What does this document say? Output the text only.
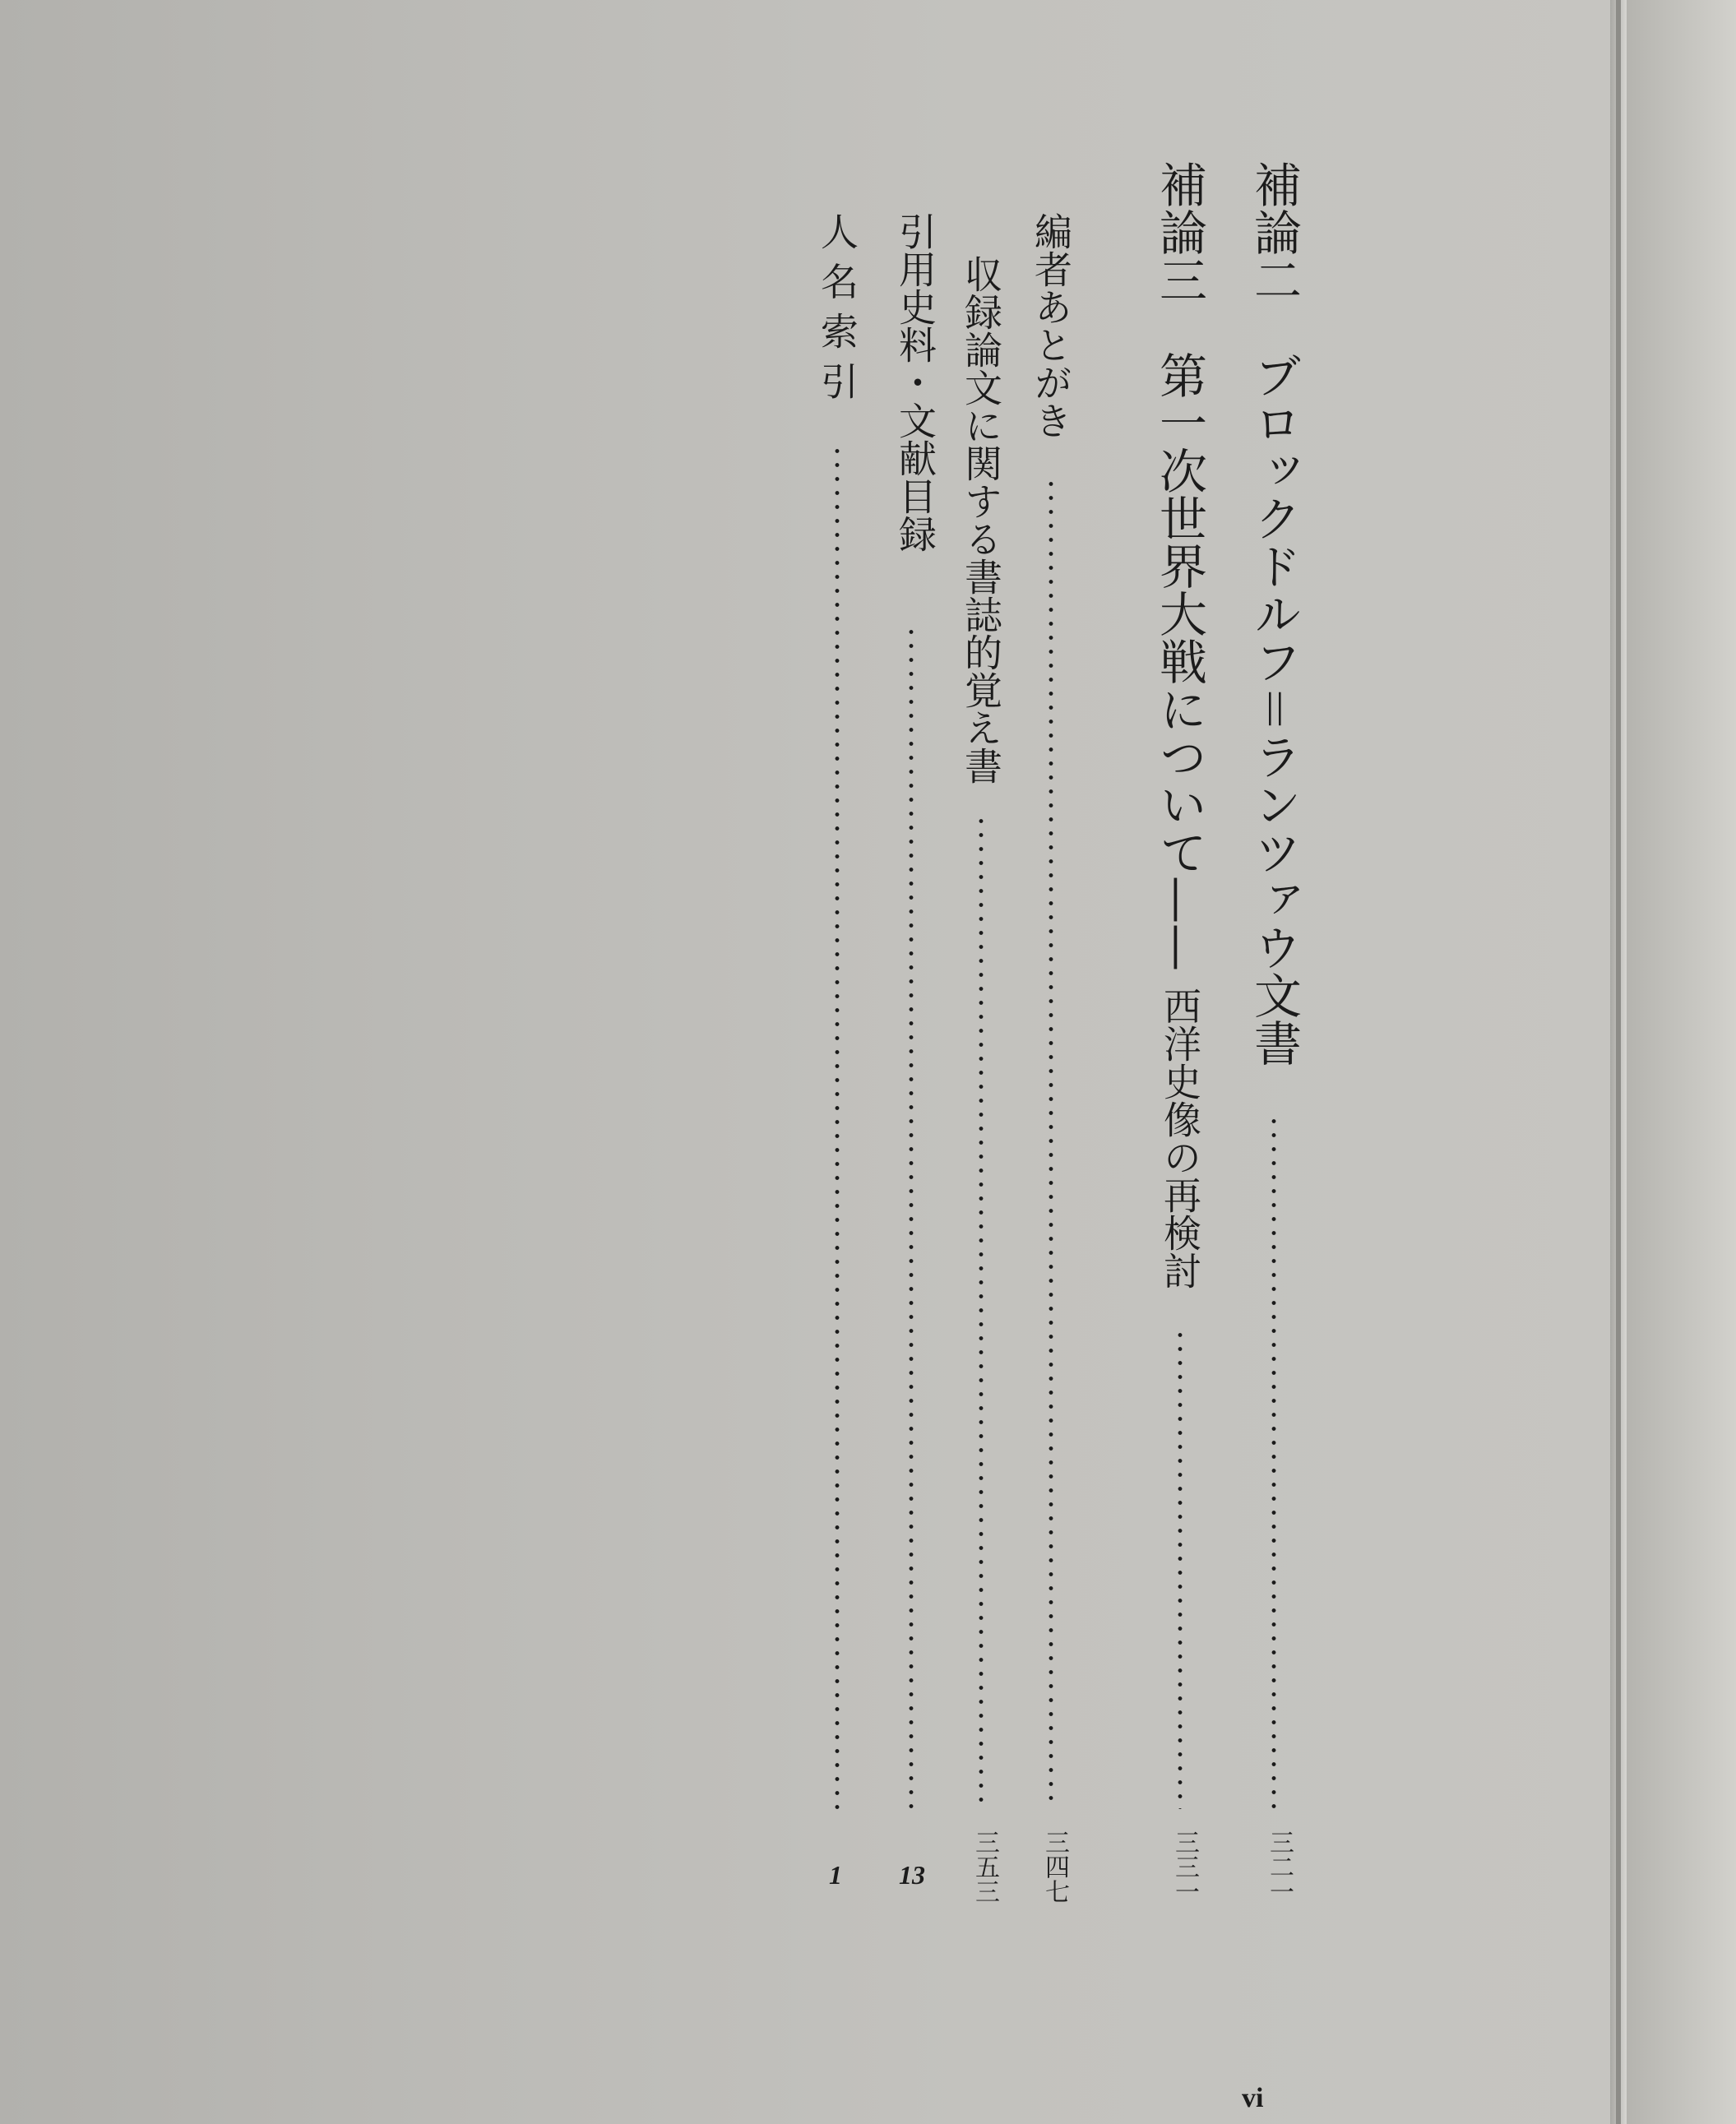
補論二　ブロックドルフ＝ランツァウ文書
三二一
補論三　第一次世界大戦について——
西洋史像の再検討
三三一
編者あとがき
三四七
収録論文に関する書誌的覚え書
三五三
引用史料・文献目録
13
人 名 索 引
1
vi
